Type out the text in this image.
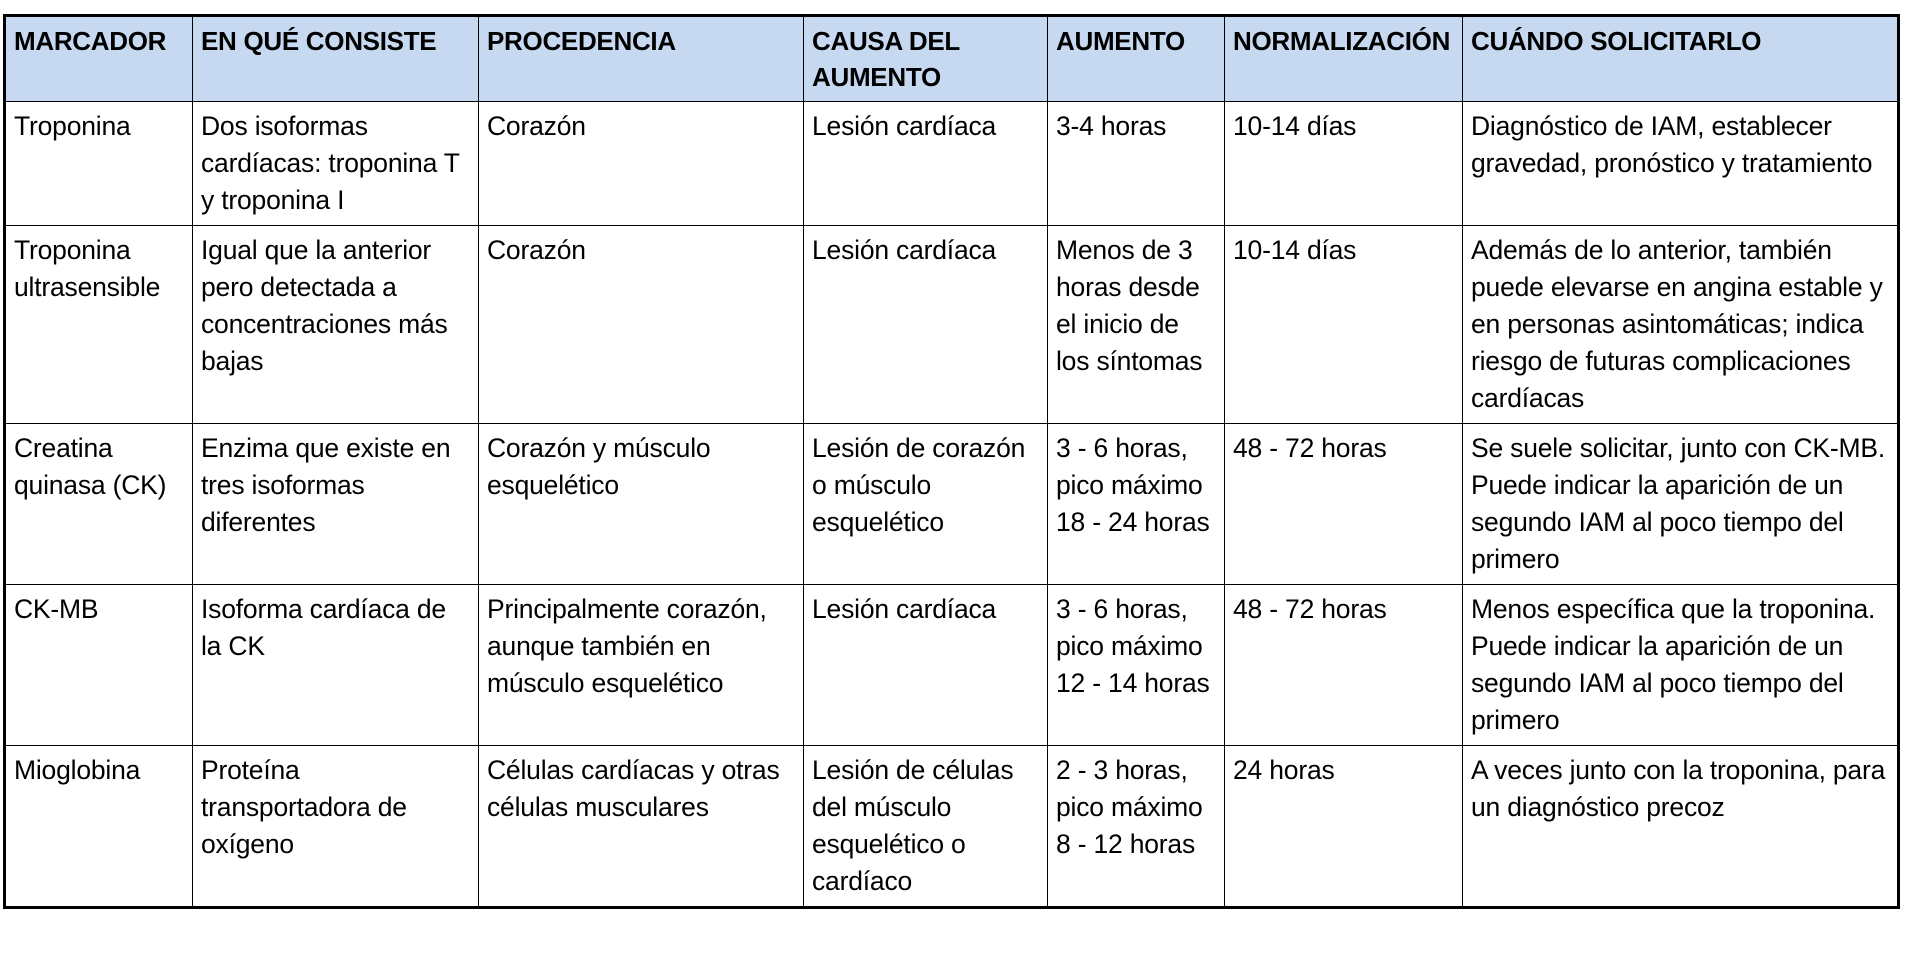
MARCADOR	EN QUÉ CONSISTE	PROCEDENCIA	CAUSA DEL AUMENTO	AUMENTO	NORMALIZACIÓN	CUÁNDO SOLICITARLO
Troponina	Dos isoformas cardíacas: troponina T y troponina I	Corazón	Lesión cardíaca	3-4 horas	10-14 días	Diagnóstico de IAM, establecer gravedad, pronóstico y tratamiento
Troponina ultrasensible	Igual que la anterior pero detectada a concentraciones más bajas	Corazón	Lesión cardíaca	Menos de 3 horas desde el inicio de los síntomas	10-14 días	Además de lo anterior, también puede elevarse en angina estable y en personas asintomáticas; indica riesgo de futuras complicaciones cardíacas
Creatina quinasa (CK)	Enzima que existe en tres isoformas diferentes	Corazón y músculo esquelético	Lesión de corazón o músculo esquelético	3 - 6 horas, pico máximo 18 - 24 horas	48 - 72 horas	Se suele solicitar, junto con CK-MB. Puede indicar la aparición de un segundo IAM al poco tiempo del primero
CK-MB	Isoforma cardíaca de la CK	Principalmente corazón, aunque también en músculo esquelético	Lesión cardíaca	3 - 6 horas, pico máximo 12 - 14 horas	48 - 72 horas	Menos específica que la troponina. Puede indicar la aparición de un segundo IAM al poco tiempo del primero
Mioglobina	Proteína transportadora de oxígeno	Células cardíacas y otras células musculares	Lesión de células del músculo esquelético o cardíaco	2 - 3 horas, pico máximo 8 - 12 horas	24 horas	A veces junto con la troponina, para un diagnóstico precoz
